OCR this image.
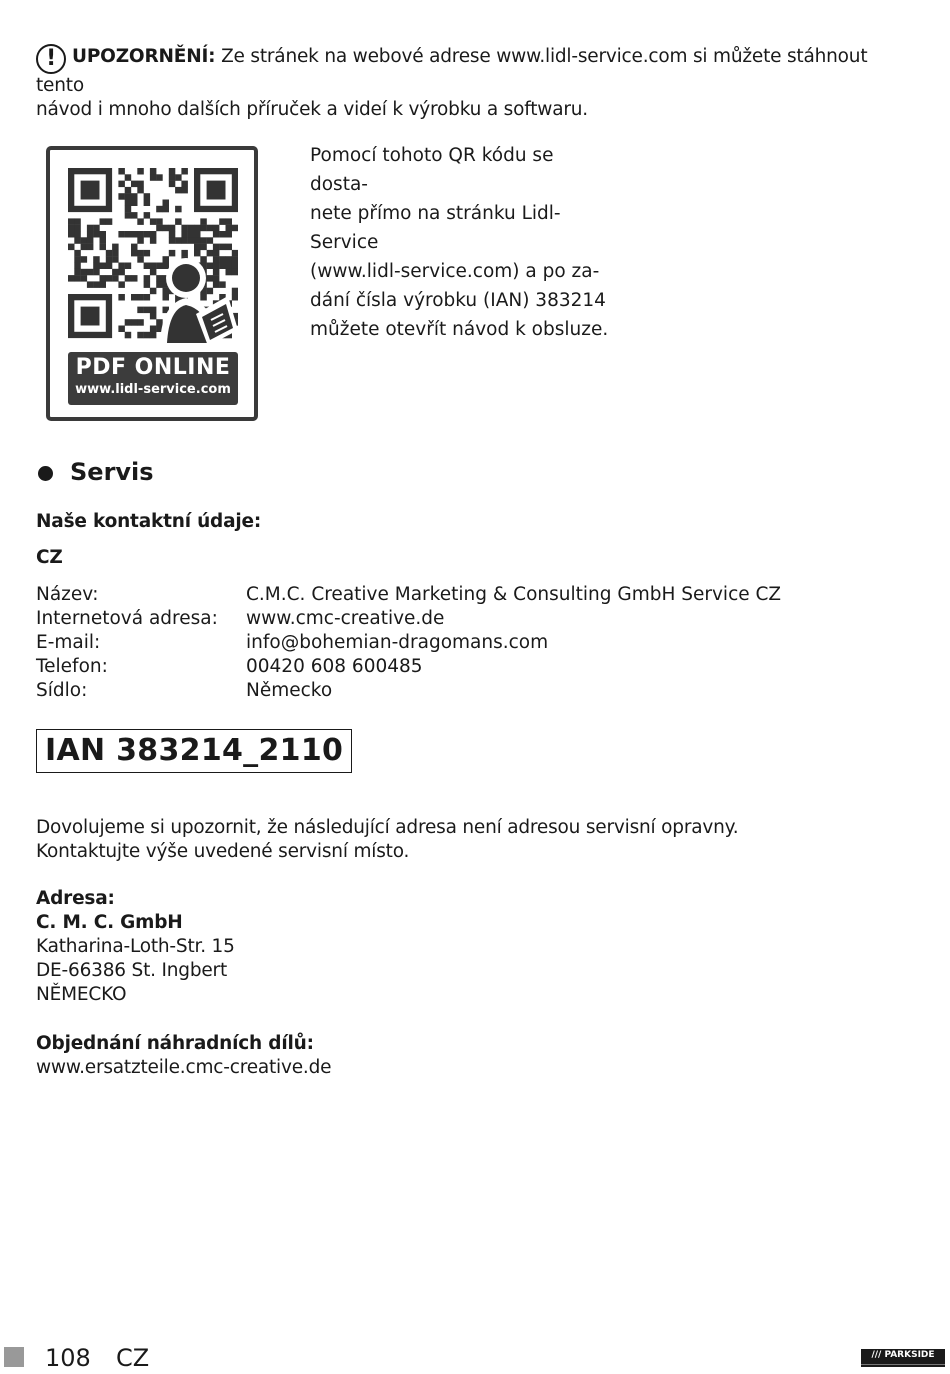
! UPOZORNĚNÍ: Ze stránek na webové adrese www.lidl-service.com si můžete stáhnout tento
návod i mnoho dalších příruček a videí k výrobku a softwaru.
PDF ONLINE
www.lidl-service.com
Pomocí tohoto QR kódu se dosta-
nete přímo na stránku Lidl-Service
(www.lidl-service.com) a po za-
dání čísla výrobku (IAN) 383214
můžete otevřít návod k obsluze.
Servis
Naše kontaktní údaje:
CZ
Název:	C.M.C. Creative Marketing & Consulting GmbH Service CZ
Internetová adresa:	www.cmc-creative.de
E-mail:	info@bohemian-dragomans.com
Telefon:	00420 608 600485
Sídlo:	Německo
IAN 383214_2110
Dovolujeme si upozornit, že následující adresa není adresou servisní opravny.
Kontaktujte výše uvedené servisní místo.
Adresa:
C. M. C. GmbH
Katharina-Loth-Str. 15
DE-66386 St. Ingbert
NĚMECKO
Objednání náhradních dílů:
www.ersatzteile.cmc-creative.de
108 CZ	/// PARKSIDE
